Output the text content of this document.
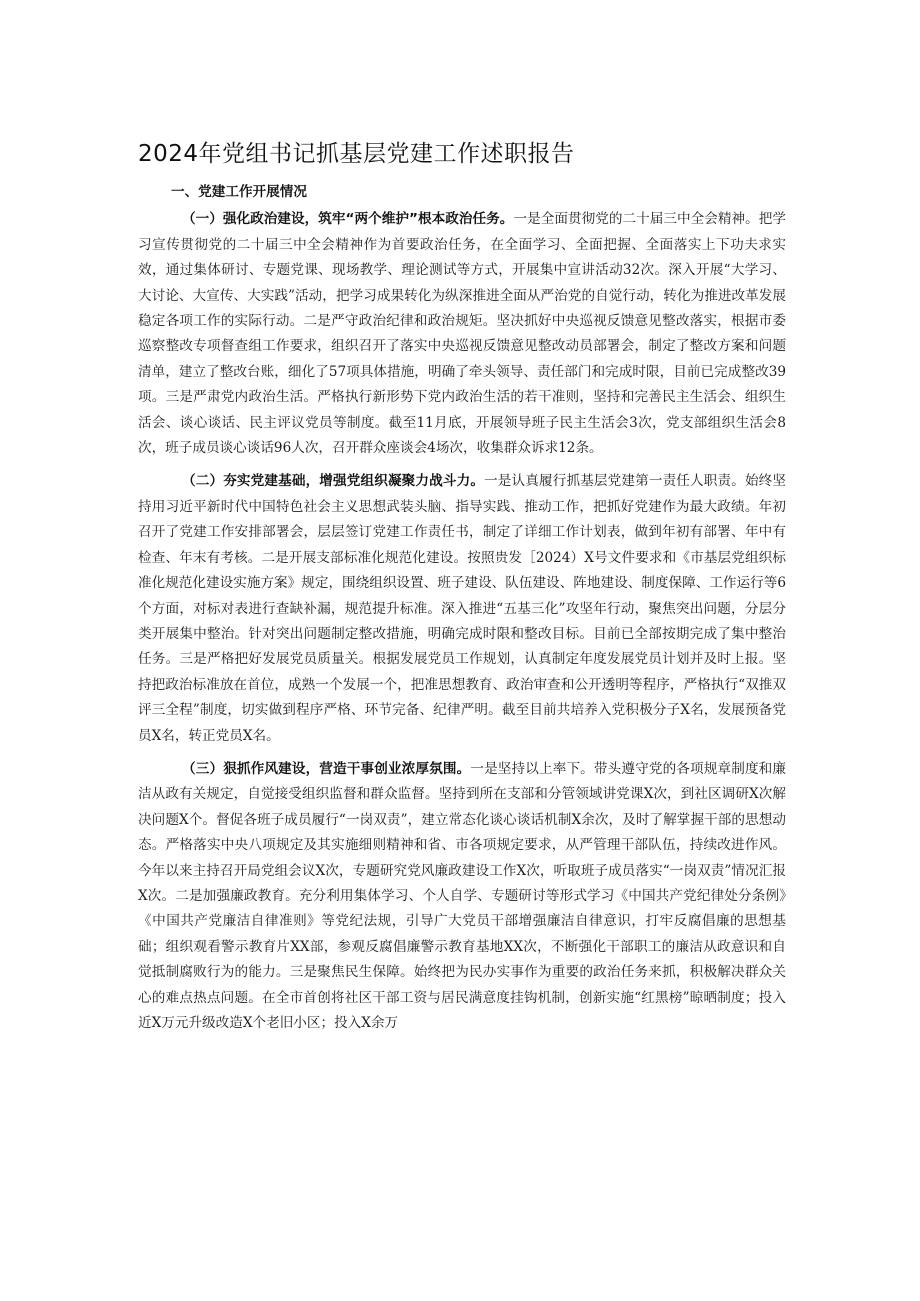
2024年党组书记抓基层党建工作述职报告

一、党建工作开展情况

（一）强化政治建设，筑牢“两个维护”根本政治任务。一是全面贯彻党的二十届三中全会精神。把学习宣传贯彻党的二十届三中全会精神作为首要政治任务，在全面学习、全面把握、全面落实上下功夫求实效，通过集体研讨、专题党课、现场教学、理论测试等方式，开展集中宣讲活动32次。深入开展“大学习、大讨论、大宣传、大实践”活动，把学习成果转化为纵深推进全面从严治党的自觉行动，转化为推进改革发展稳定各项工作的实际行动。二是严守政治纪律和政治规矩。坚决抓好中央巡视反馈意见整改落实，根据市委巡察整改专项督查组工作要求，组织召开了落实中央巡视反馈意见整改动员部署会，制定了整改方案和问题清单，建立了整改台账，细化了57项具体措施，明确了牵头领导、责任部门和完成时限，目前已完成整改39项。三是严肃党内政治生活。严格执行新形势下党内政治生活的若干准则，坚持和完善民主生活会、组织生活会、谈心谈话、民主评议党员等制度。截至11月底，开展领导班子民主生活会3次，党支部组织生活会8次，班子成员谈心谈话96人次，召开群众座谈会4场次，收集群众诉求12条。

（二）夯实党建基础，增强党组织凝聚力战斗力。一是认真履行抓基层党建第一责任人职责。始终坚持用习近平新时代中国特色社会主义思想武装头脑、指导实践、推动工作，把抓好党建作为最大政绩。年初召开了党建工作安排部署会，层层签订党建工作责任书，制定了详细工作计划表，做到年初有部署、年中有检查、年末有考核。二是开展支部标准化规范化建设。按照贵发［2024）X号文件要求和《市基层党组织标准化规范化建设实施方案》规定，围绕组织设置、班子建设、队伍建设、阵地建设、制度保障、工作运行等6个方面，对标对表进行查缺补漏，规范提升标准。深入推进“五基三化”攻坚年行动，聚焦突出问题，分层分类开展集中整治。针对突出问题制定整改措施，明确完成时限和整改目标。目前已全部按期完成了集中整治任务。三是严格把好发展党员质量关。根据发展党员工作规划，认真制定年度发展党员计划并及时上报。坚持把政治标准放在首位，成熟一个发展一个，把准思想教育、政治审查和公开透明等程序，严格执行“双推双评三全程”制度，切实做到程序严格、环节完备、纪律严明。截至目前共培养入党积极分子X名，发展预备党员X名，转正党员X名。

（三）狠抓作风建设，营造干事创业浓厚氛围。一是坚持以上率下。带头遵守党的各项规章制度和廉洁从政有关规定，自觉接受组织监督和群众监督。坚持到所在支部和分管领域讲党课X次，到社区调研X次解决问题X个。督促各班子成员履行“一岗双责”，建立常态化谈心谈话机制X余次，及时了解掌握干部的思想动态。严格落实中央八项规定及其实施细则精神和省、市各项规定要求，从严管理干部队伍，持续改进作风。今年以来主持召开局党组会议X次，专题研究党风廉政建设工作X次，听取班子成员落实“一岗双责”情况汇报X次。二是加强廉政教育。充分利用集体学习、个人自学、专题研讨等形式学习《中国共产党纪律处分条例》《中国共产党廉洁自律准则》等党纪法规，引导广大党员干部增强廉洁自律意识，打牢反腐倡廉的思想基础；组织观看警示教育片XX部，参观反腐倡廉警示教育基地XX次，不断强化干部职工的廉洁从政意识和自觉抵制腐败行为的能力。三是聚焦民生保障。始终把为民办实事作为重要的政治任务来抓，积极解决群众关心的难点热点问题。在全市首创将社区干部工资与居民满意度挂钩机制，创新实施“红黑榜”晾晒制度；投入近X万元升级改造X个老旧小区；投入X余万
